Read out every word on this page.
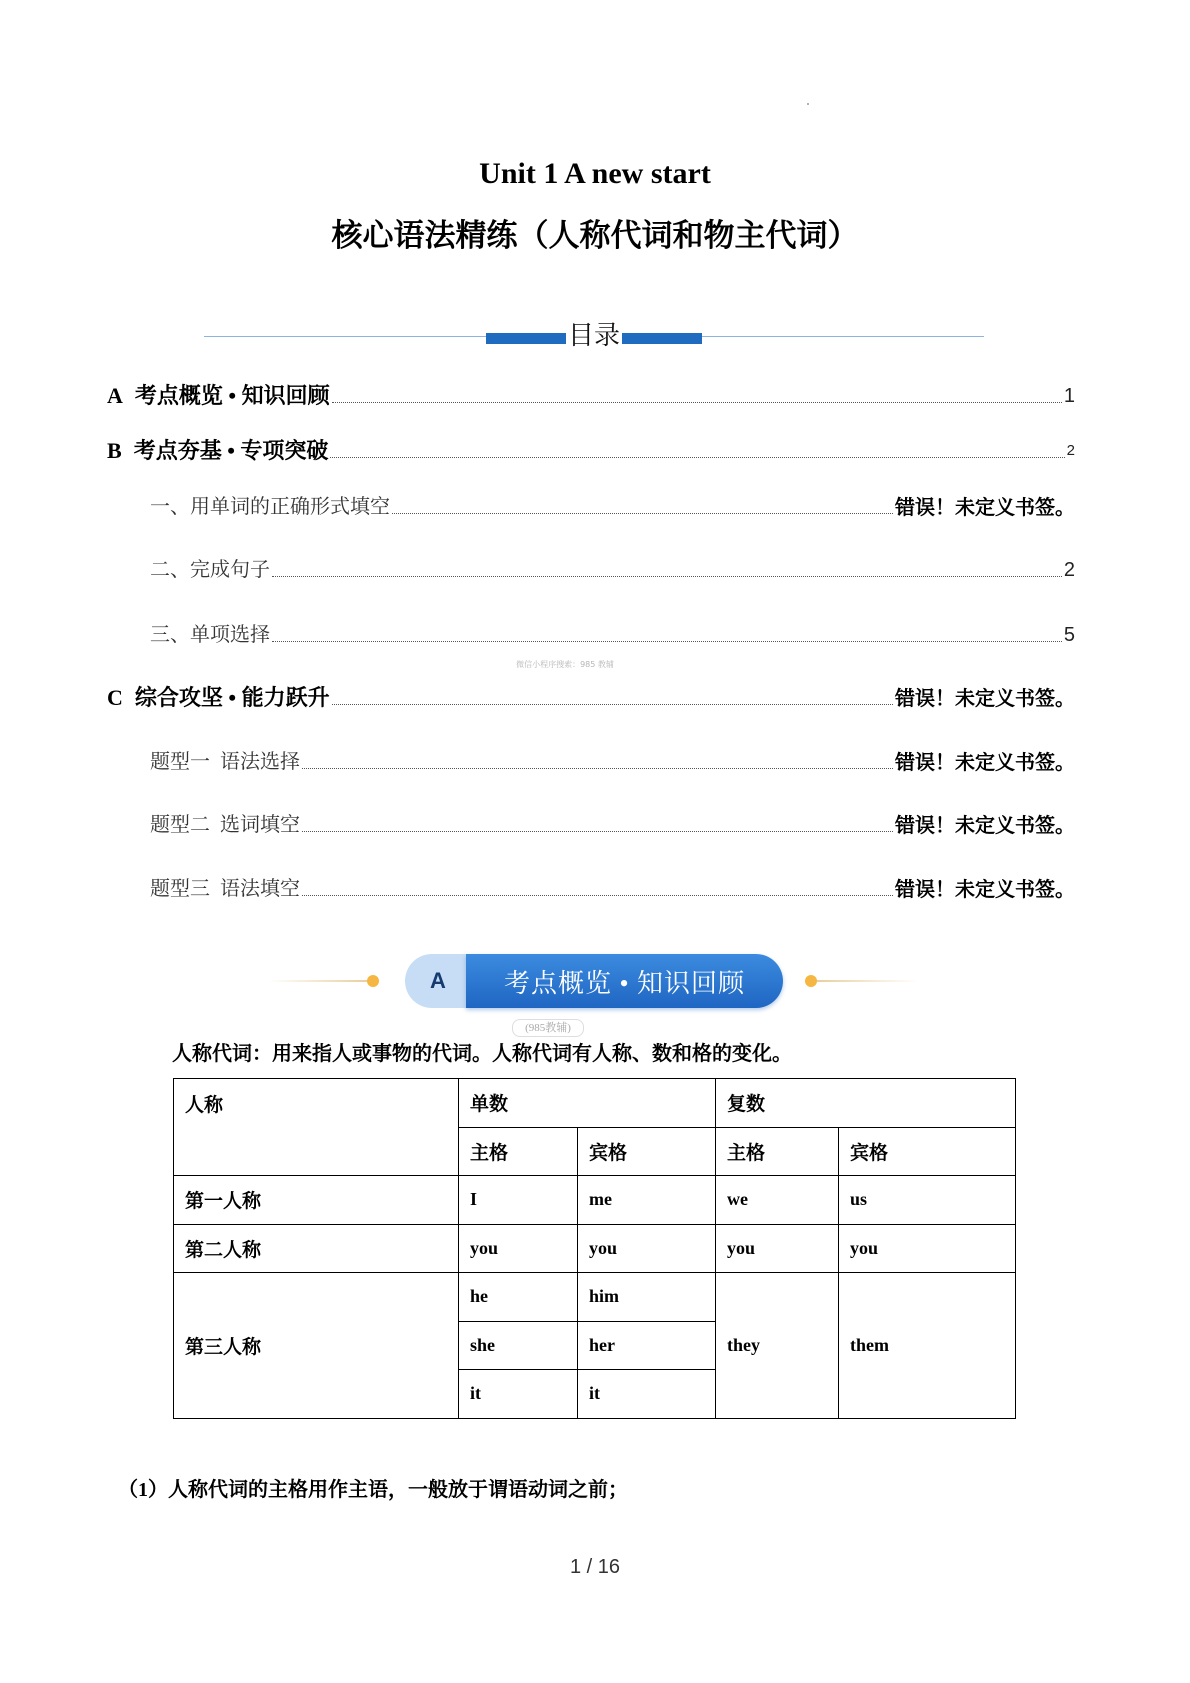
Unit 1 A new start
核心语法精练（人称代词和物主代词）
目录
A 考点概览 • 知识回顾	1
B 考点夯基 • 专项突破	2
一、用单词的正确形式填空	错误！未定义书签。
二、完成句子	2
三、单项选择	5
微信小程序搜索：985 教辅
C 综合攻坚 • 能力跃升	错误！未定义书签。
题型一  语法选择	错误！未定义书签。
题型二  选词填空	错误！未定义书签。
题型三  语法填空	错误！未定义书签。
A	考点概览 • 知识回顾
(985教辅)
人称代词：用来指人或事物的代词。人称代词有人称、数和格的变化。
人称	单数		复数	
	主格	宾格	主格	宾格
第一人称	I	me	we	us
第二人称	you	you	you	you
第三人称	he	him	they	them
	she	her		
	it	it		
（1）人称代词的主格用作主语，一般放于谓语动词之前；
1 / 16
